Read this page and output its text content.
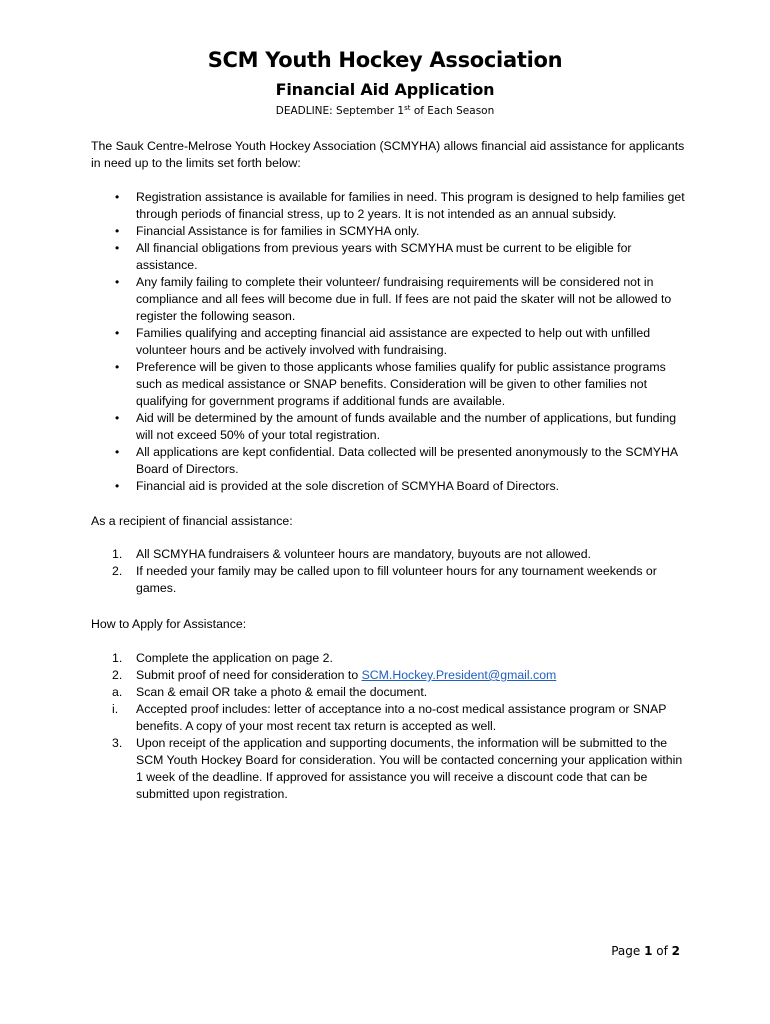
SCM Youth Hockey Association
Financial Aid Application
DEADLINE: September 1st of Each Season
The Sauk Centre-Melrose Youth Hockey Association (SCMYHA) allows financial aid assistance for applicants in need up to the limits set forth below:
• Registration assistance is available for families in need. This program is designed to help families get through periods of financial stress, up to 2 years. It is not intended as an annual subsidy.
• Financial Assistance is for families in SCMYHA only.
• All financial obligations from previous years with SCMYHA must be current to be eligible for assistance.
• Any family failing to complete their volunteer/ fundraising requirements will be considered not in compliance and all fees will become due in full. If fees are not paid the skater will not be allowed to register the following season.
• Families qualifying and accepting financial aid assistance are expected to help out with unfilled volunteer hours and be actively involved with fundraising.
• Preference will be given to those applicants whose families qualify for public assistance programs such as medical assistance or SNAP benefits. Consideration will be given to other families not qualifying for government programs if additional funds are available.
• Aid will be determined by the amount of funds available and the number of applications, but funding will not exceed 50% of your total registration.
• All applications are kept confidential. Data collected will be presented anonymously to the SCMYHA Board of Directors.
• Financial aid is provided at the sole discretion of SCMYHA Board of Directors.
As a recipient of financial assistance:
1. All SCMYHA fundraisers & volunteer hours are mandatory, buyouts are not allowed.
2. If needed your family may be called upon to fill volunteer hours for any tournament weekends or games.
How to Apply for Assistance:
1. Complete the application on page 2.
2. Submit proof of need for consideration to SCM.Hockey.President@gmail.com
a. Scan & email OR take a photo & email the document.
i. Accepted proof includes: letter of acceptance into a no-cost medical assistance program or SNAP benefits. A copy of your most recent tax return is accepted as well.
3. Upon receipt of the application and supporting documents, the information will be submitted to the SCM Youth Hockey Board for consideration. You will be contacted concerning your application within 1 week of the deadline. If approved for assistance you will receive a discount code that can be submitted upon registration.
Page 1 of 2
